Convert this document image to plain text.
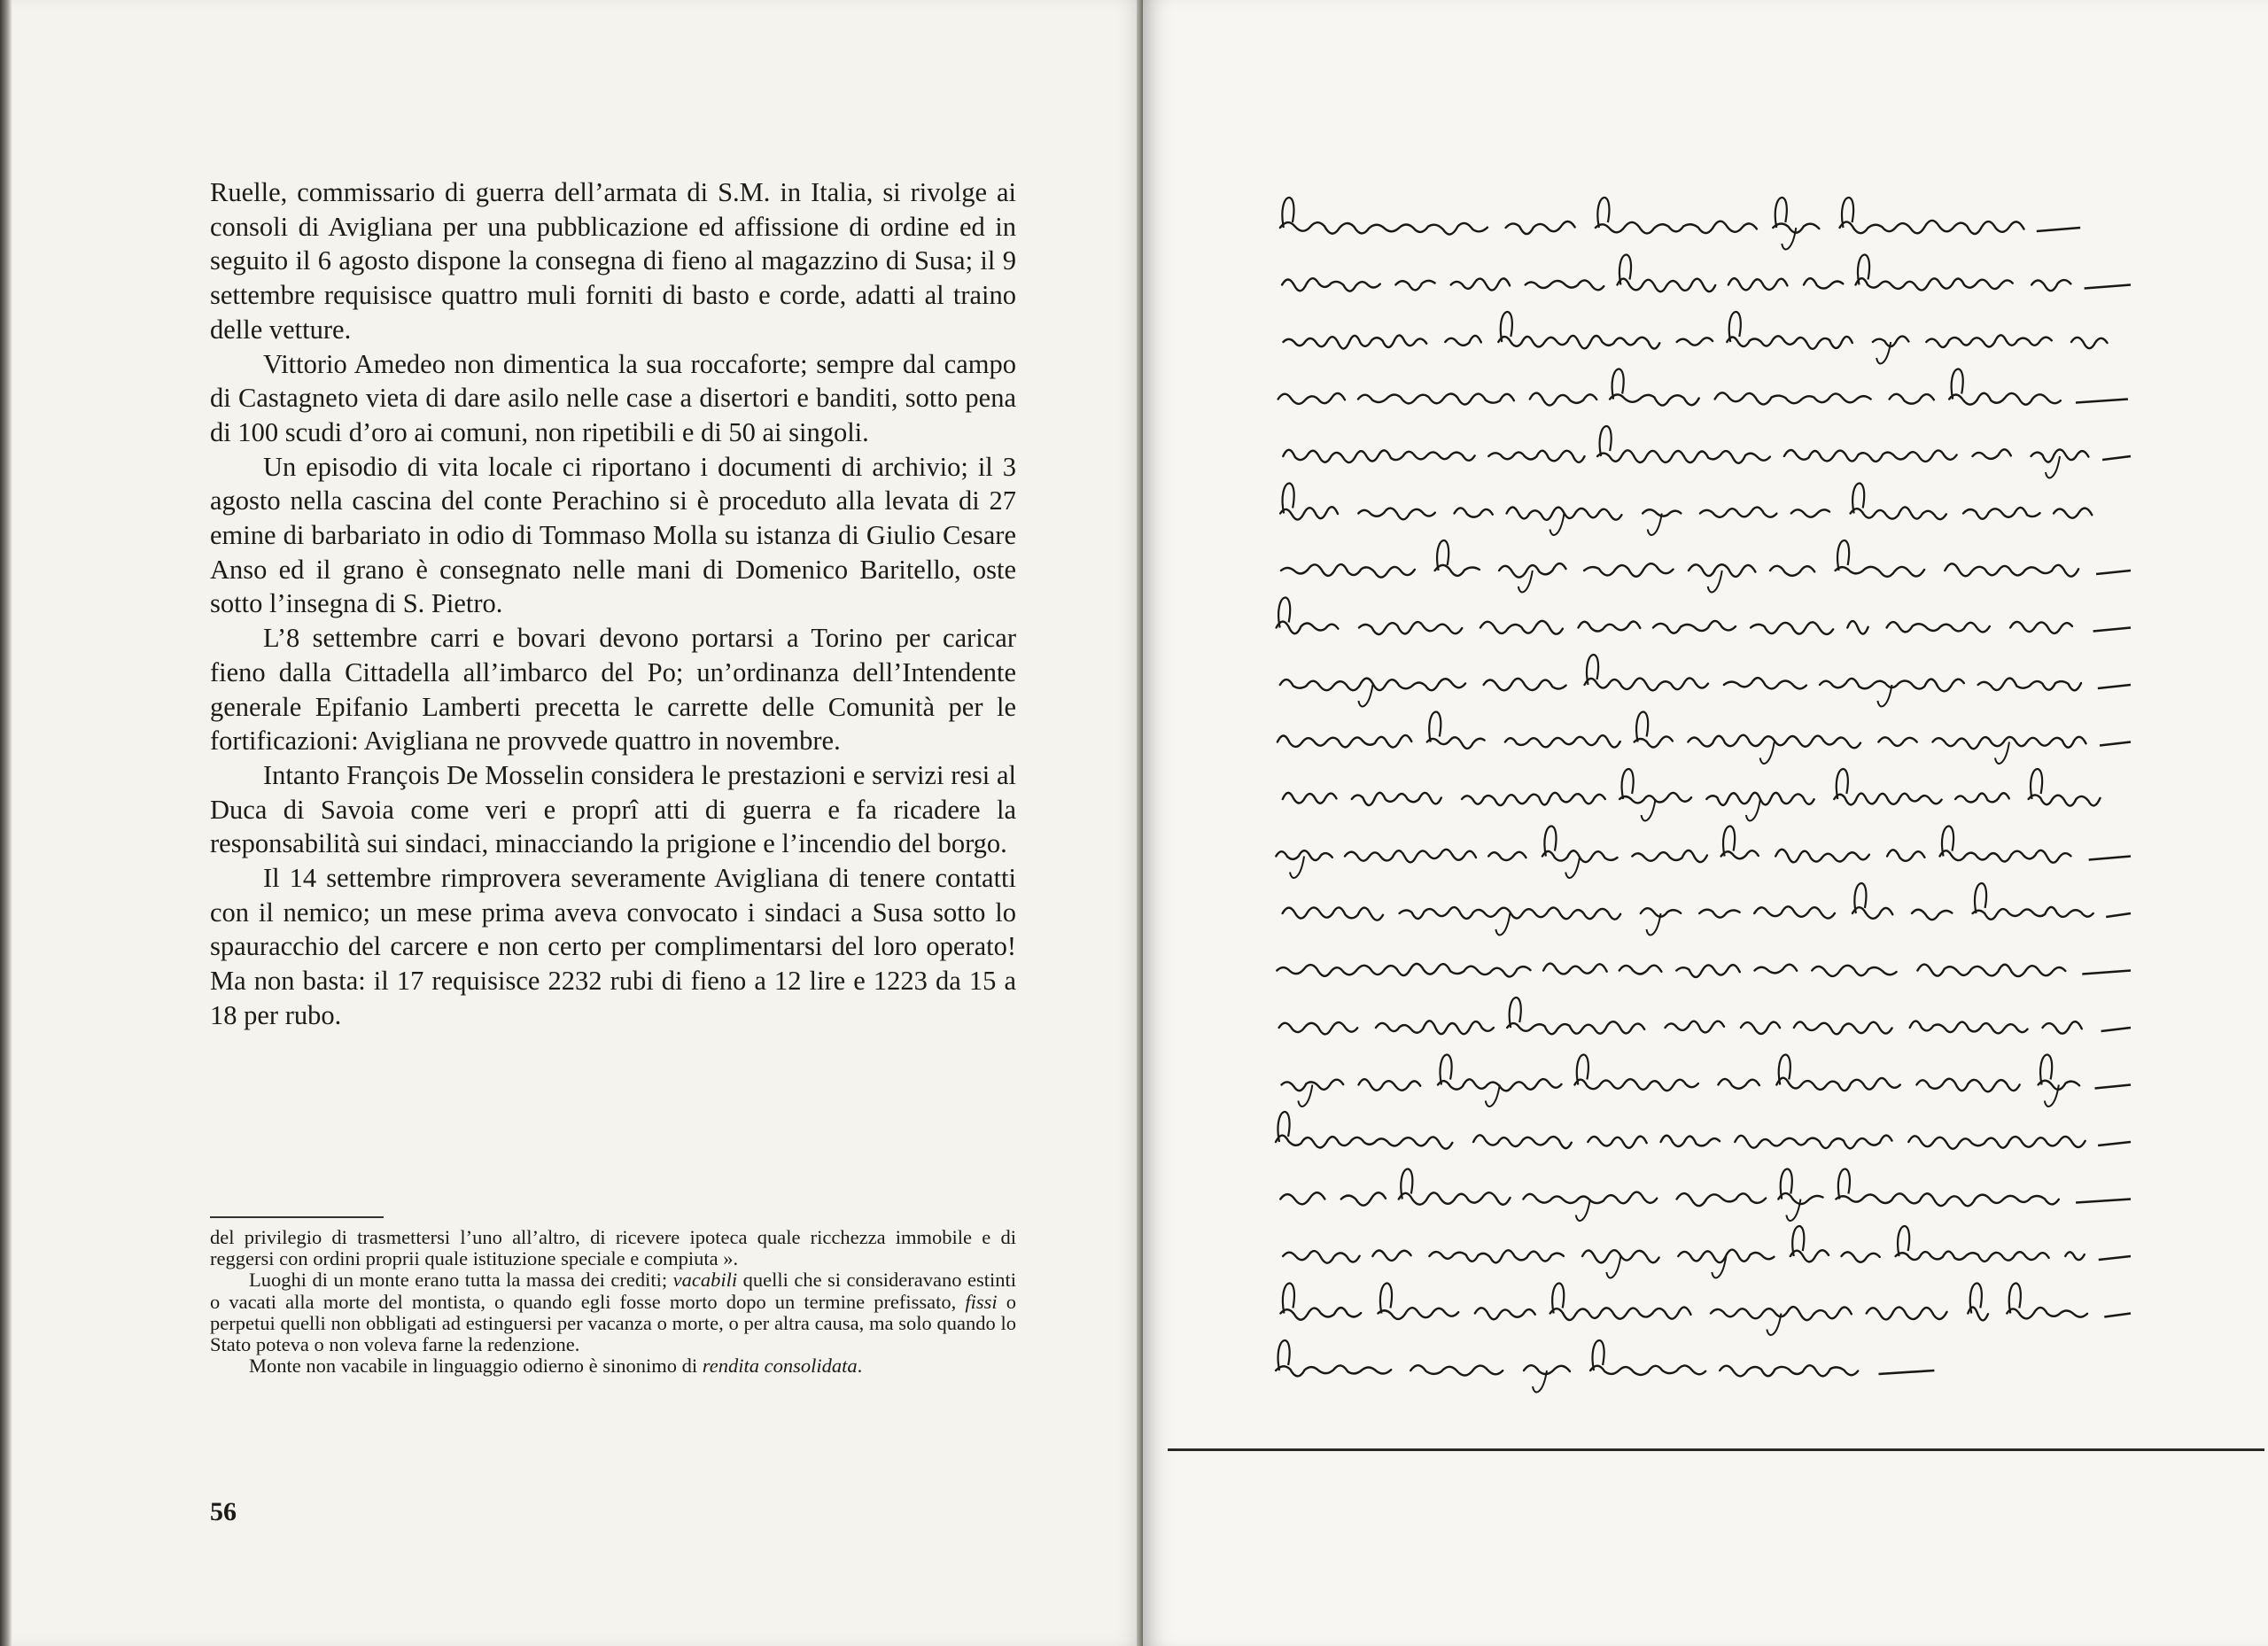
Ruelle, commissario di guerra dell’armata di S.M. in Italia, si rivolge ai consoli di Avigliana per una pubblicazione ed affissione di ordine ed in seguito il 6 agosto dispone la consegna di fieno al magazzino di Susa; il 9 settembre requisisce quattro muli forniti di basto e corde, adatti al traino delle vetture.

Vittorio Amedeo non dimentica la sua roccaforte; sempre dal campo di Castagneto vieta di dare asilo nelle case a disertori e banditi, sotto pena di 100 scudi d’oro ai comuni, non ripetibili e di 50 ai singoli.

Un episodio di vita locale ci riportano i documenti di archivio; il 3 agosto nella cascina del conte Perachino si è proceduto alla levata di 27 emine di barbariato in odio di Tommaso Molla su istanza di Giulio Cesare Anso ed il grano è consegnato nelle mani di Domenico Baritello, oste sotto l’insegna di S. Pietro.

L’8 settembre carri e bovari devono portarsi a Torino per caricar fieno dalla Cittadella all’imbarco del Po; un’ordinanza dell’Intendente generale Epifanio Lamberti precetta le carrette delle Comunità per le fortificazioni: Avigliana ne provvede quattro in novembre.

Intanto François De Mosselin considera le prestazioni e servizi resi al Duca di Savoia come veri e proprî atti di guerra e fa ricadere la responsabilità sui sindaci, minacciando la prigione e l’incendio del borgo.

Il 14 settembre rimprovera severamente Avigliana di tenere contatti con il nemico; un mese prima aveva convocato i sindaci a Susa sotto lo spauracchio del carcere e non certo per complimentarsi del loro operato! Ma non basta: il 17 requisisce 2232 rubi di fieno a 12 lire e 1223 da 15 a 18 per rubo.

del privilegio di trasmettersi l’uno all’altro, di ricevere ipoteca quale ricchezza immobile e di reggersi con ordini proprii quale istituzione speciale e compiuta ».

Luoghi di un monte erano tutta la massa dei crediti; vacabili quelli che si consideravano estinti o vacati alla morte del montista, o quando egli fosse morto dopo un termine prefissato, fissi o perpetui quelli non obbligati ad estinguersi per vacanza o morte, o per altra causa, ma solo quando lo Stato poteva o non voleva farne la redenzione.

Monte non vacabile in linguaggio odierno è sinonimo di rendita consolidata.

56
